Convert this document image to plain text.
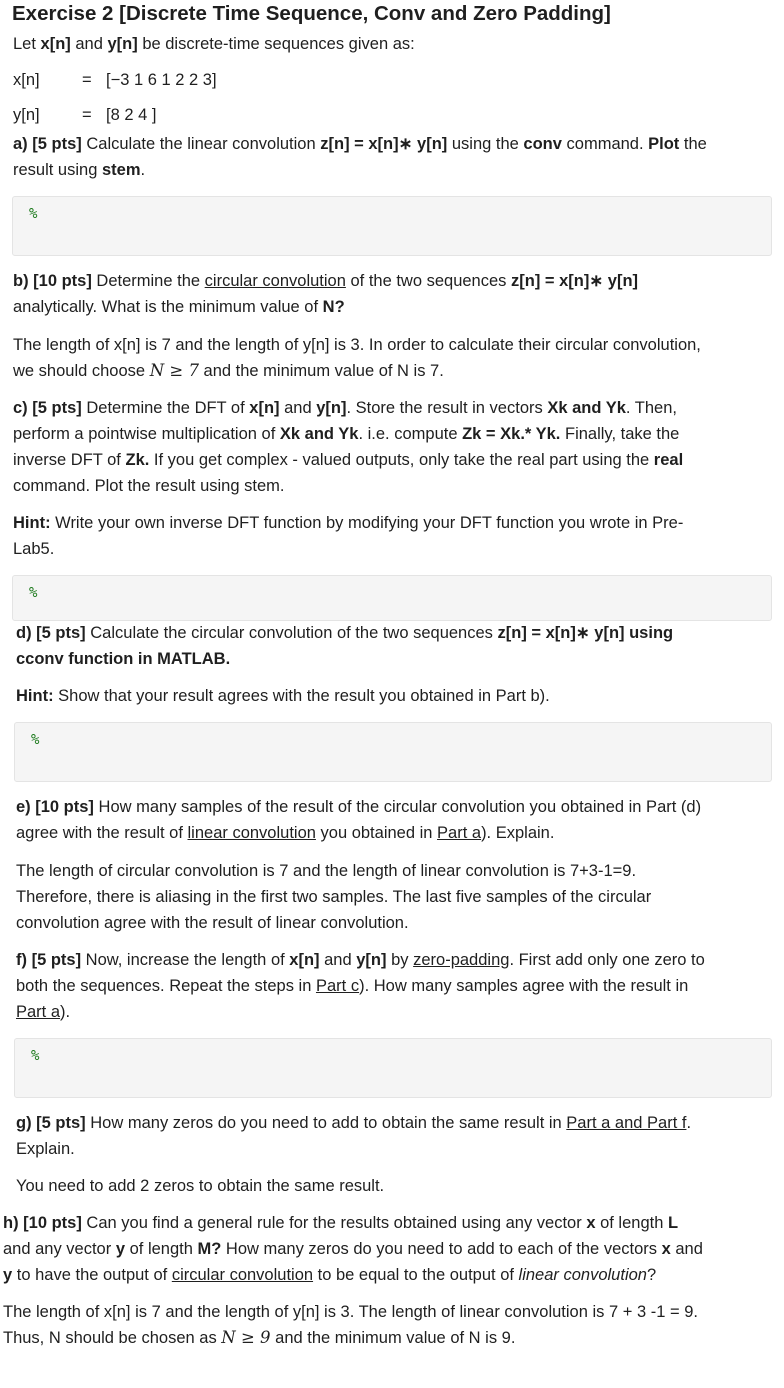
Exercise 2 [Discrete Time Sequence, Conv and Zero Padding]
Let x[n] and y[n] be discrete-time sequences given as:
x[n]	= [−3 1 6 1 2 2 3]
y[n]	= [8 2 4 ]
a) [5 pts] Calculate the linear convolution z[n] = x[n]∗ y[n] using the conv command. Plot the
result using stem.
%
b) [10 pts] Determine the circular convolution of the two sequences z[n] = x[n]∗ y[n]
analytically. What is the minimum value of N?
The length of x[n] is 7 and the length of y[n] is 3. In order to calculate their circular convolution,
we should choose N ≥ 7 and the minimum value of N is 7.
c) [5 pts] Determine the DFT of x[n] and y[n]. Store the result in vectors Xk and Yk. Then,
perform a pointwise multiplication of Xk and Yk. i.e. compute Zk = Xk.* Yk. Finally, take the
inverse DFT of Zk. If you get complex - valued outputs, only take the real part using the real
command. Plot the result using stem.
Hint: Write your own inverse DFT function by modifying your DFT function you wrote in Pre-
Lab5.
%
d) [5 pts] Calculate the circular convolution of the two sequences z[n] = x[n]∗ y[n] using
cconv function in MATLAB.
Hint: Show that your result agrees with the result you obtained in Part b).
%
e) [10 pts] How many samples of the result of the circular convolution you obtained in Part (d)
agree with the result of linear convolution you obtained in Part a). Explain.
The length of circular convolution is 7 and the length of linear convolution is 7+3-1=9.
Therefore, there is aliasing in the first two samples. The last five samples of the circular
convolution agree with the result of linear convolution.
f) [5 pts] Now, increase the length of x[n] and y[n] by zero-padding. First add only one zero to
both the sequences. Repeat the steps in Part c). How many samples agree with the result in
Part a).
%
g) [5 pts] How many zeros do you need to add to obtain the same result in Part a and Part f.
Explain.
You need to add 2 zeros to obtain the same result.
h) [10 pts] Can you find a general rule for the results obtained using any vector x of length L
and any vector y of length M? How many zeros do you need to add to each of the vectors x and
y to have the output of circular convolution to be equal to the output of linear convolution?
The length of x[n] is 7 and the length of y[n] is 3. The length of linear convolution is 7 + 3 -1 = 9.
Thus, N should be chosen as N ≥ 9 and the minimum value of N is 9.
